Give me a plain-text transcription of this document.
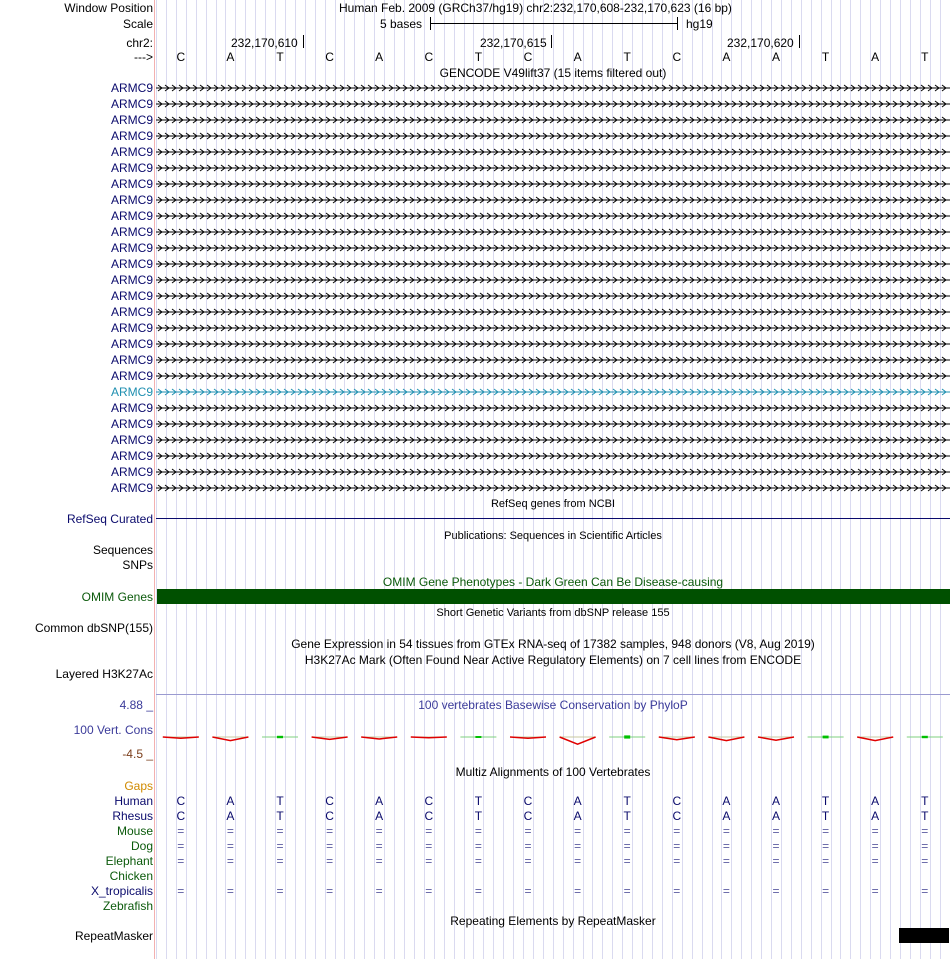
Window Position	Human Feb. 2009 (GRCh37/hg19) chr2:232,170,608-232,170,623 (16 bp)
Scale	5 bases	hg19
chr2:	232,170,610	232,170,615	232,170,620
---> C	A	T	C	A	C	T	C	A	T	C	A	A	T	A	T
GENCODE V49lift37 (15 items filtered out)
ARMC9
ARMC9
ARMC9
ARMC9
ARMC9
ARMC9
ARMC9
ARMC9
ARMC9
ARMC9
ARMC9
ARMC9
ARMC9
ARMC9
ARMC9
ARMC9
ARMC9
ARMC9
ARMC9
ARMC9
ARMC9
ARMC9
ARMC9
ARMC9
ARMC9
ARMC9
RefSeq genes from NCBI
RefSeq Curated
Publications: Sequences in Scientific Articles
Sequences
SNPs
OMIM Gene Phenotypes - Dark Green Can Be Disease-causing
OMIM Genes
Short Genetic Variants from dbSNP release 155
Common dbSNP(155)
Gene Expression in 54 tissues from GTEx RNA-seq of 17382 samples, 948 donors (V8, Aug 2019)
H3K27Ac Mark (Often Found Near Active Regulatory Elements) on 7 cell lines from ENCODE
Layered H3K27Ac
100 vertebrates Basewise Conservation by PhyloP
4.88 _
100 Vert. Cons
-4.5 _
Multiz Alignments of 100 Vertebrates
Gaps
Human C	A	T	C	A	C	T	C	A	T	C	A	A	T	A	T
Rhesus C	A	T	C	A	C	T	C	A	T	C	A	A	T	A	T
Mouse =	=	=	=	=	=	=	=	=	=	=	=	=	=	=	=
Dog =	=	=	=	=	=	=	=	=	=	=	=	=	=	=	=
Elephant =	=	=	=	=	=	=	=	=	=	=	=	=	=	=	=
Chicken
X_tropicalis =	=	=	=	=	=	=	=	=	=	=	=	=	=	=	=
Zebrafish
Repeating Elements by RepeatMasker
RepeatMasker
